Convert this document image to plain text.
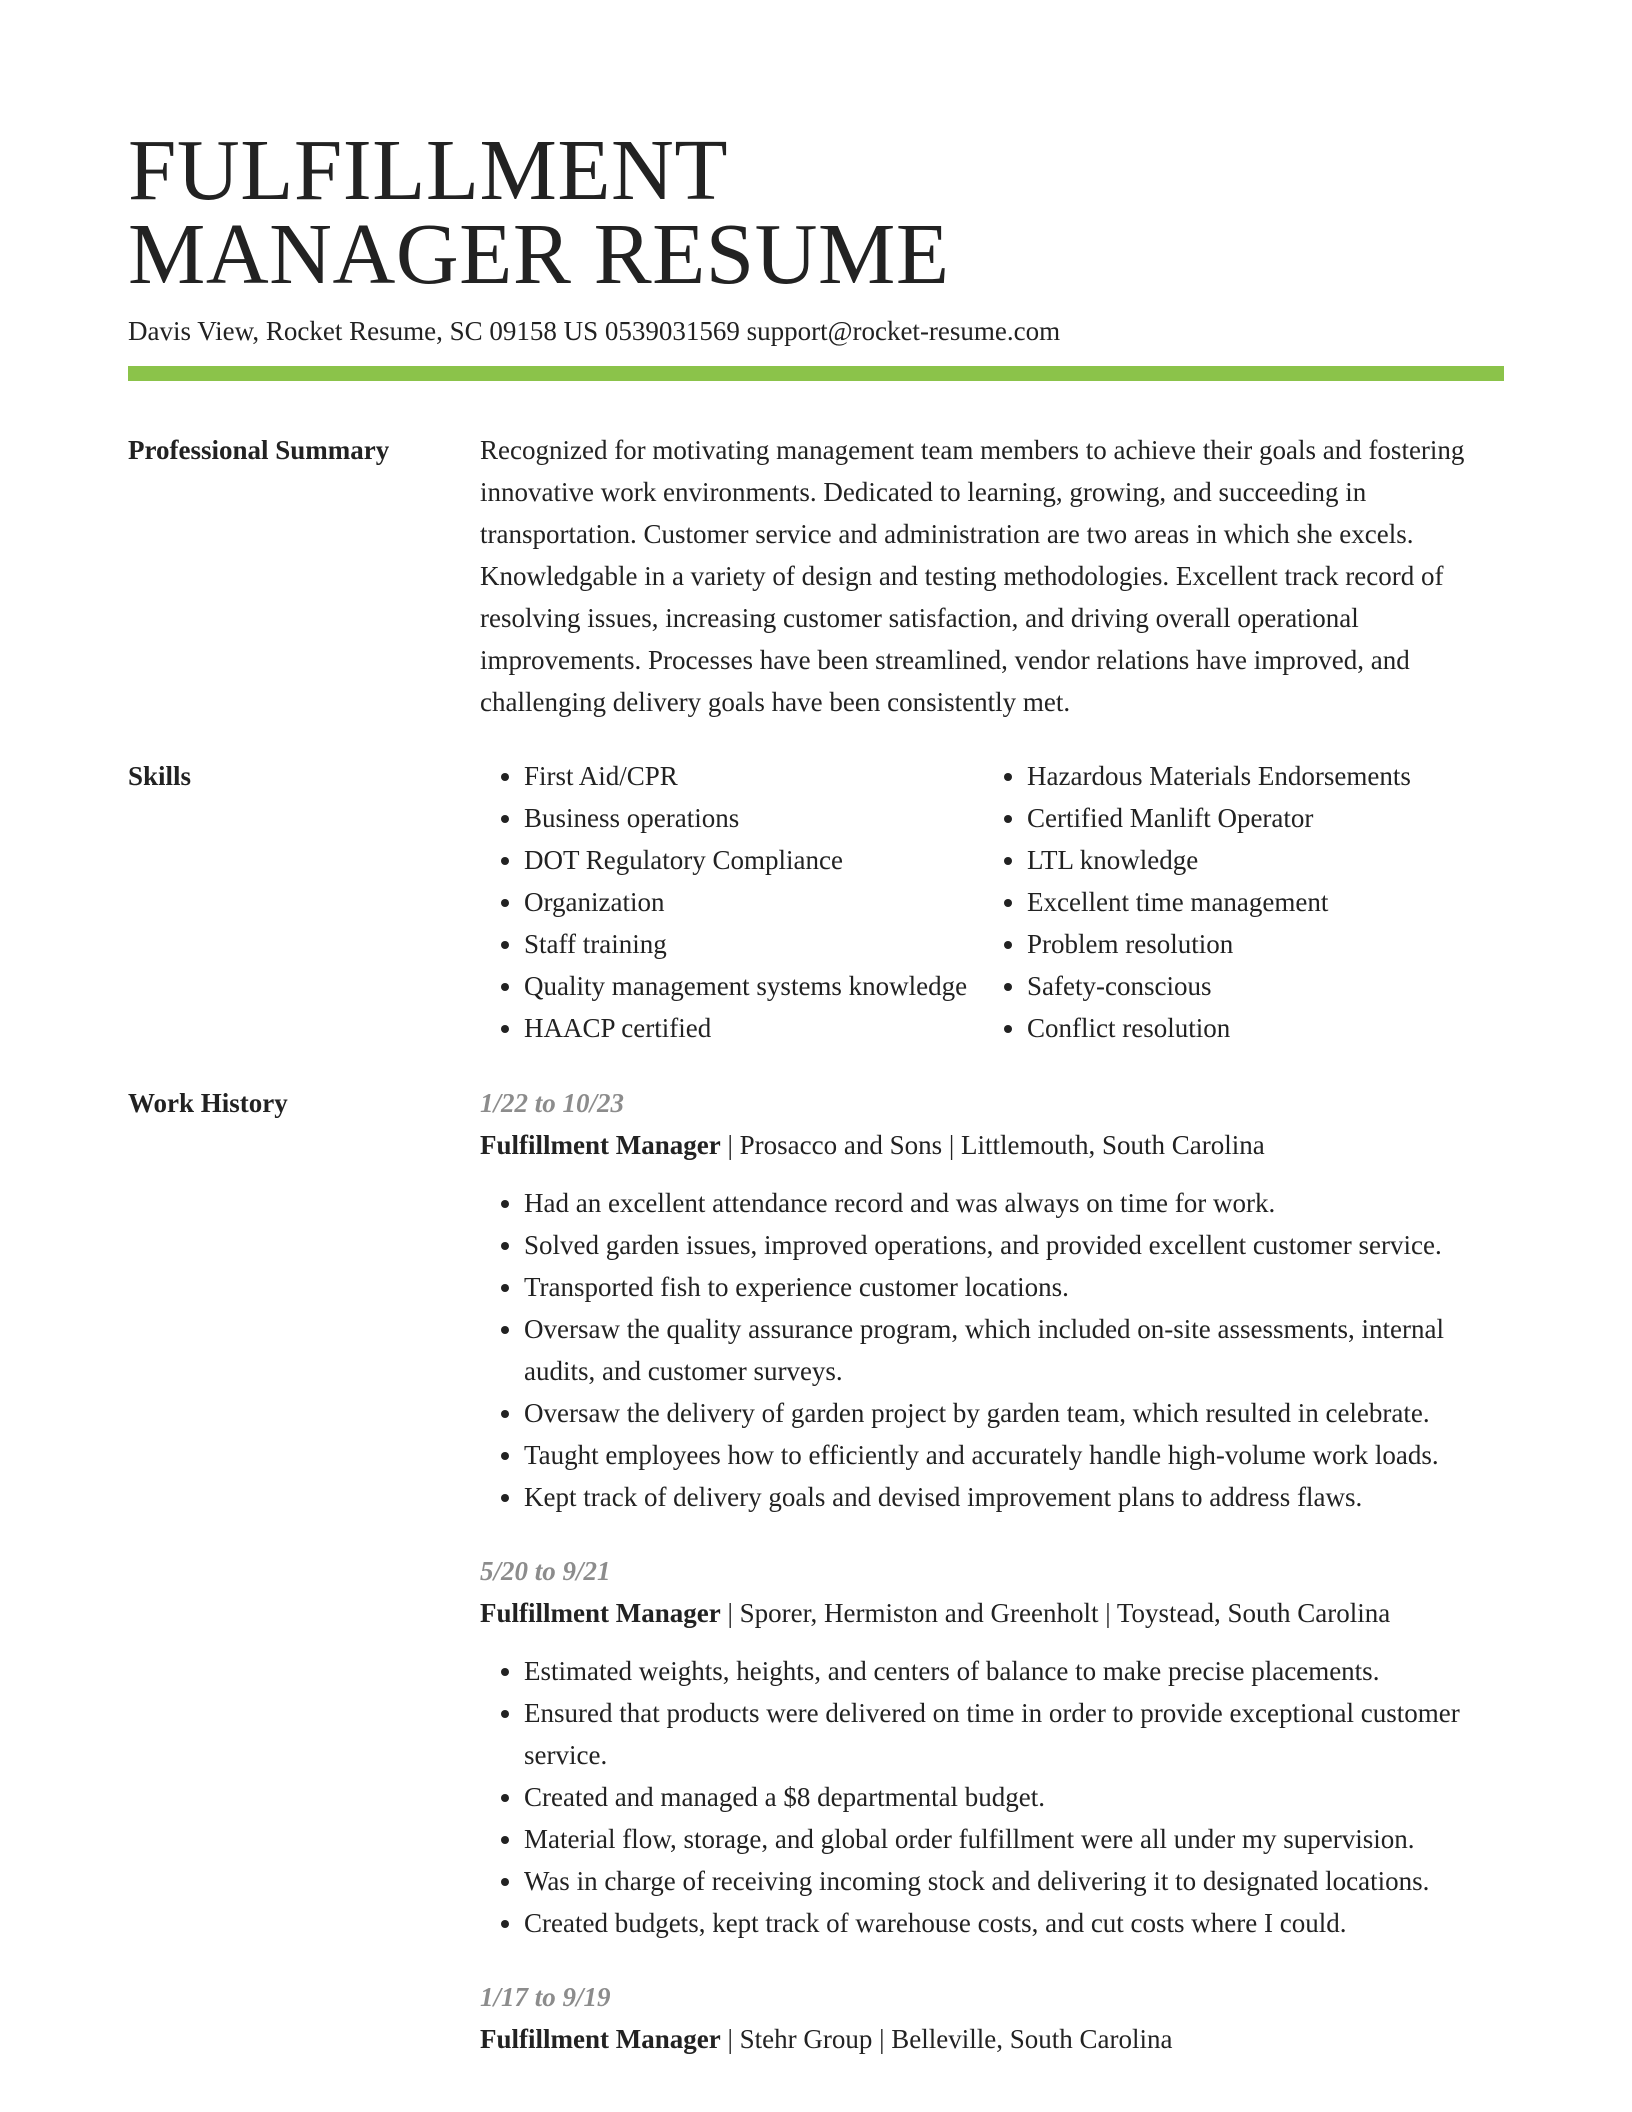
FULFILLMENT
MANAGER RESUME
Davis View, Rocket Resume, SC 09158 US 0539031569 support@rocket-resume.com
Professional Summary	Recognized for motivating management team members to achieve their goals and fostering innovative work environments. Dedicated to learning, growing, and succeeding in transportation. Customer service and administration are two areas in which she excels. Knowledgable in a variety of design and testing methodologies. Excellent track record of resolving issues, increasing customer satisfaction, and driving overall operational improvements. Processes have been streamlined, vendor relations have improved, and challenging delivery goals have been consistently met.
Skills
•	First Aid/CPR
• Business operations
• DOT Regulatory Compliance
• Organization
• Staff training
• Quality management systems knowledge
• HAACP certified
• Hazardous Materials Endorsements
• Certified Manlift Operator
• LTL knowledge
• Excellent time management
• Problem resolution
• Safety-conscious
• Conflict resolution
Work History	1/22 to 10/23
Fulfillment Manager | Prosacco and Sons | Littlemouth, South Carolina
• Had an excellent attendance record and was always on time for work.
• Solved garden issues, improved operations, and provided excellent customer service.
• Transported fish to experience customer locations.
• Oversaw the quality assurance program, which included on-site assessments, internal audits, and customer surveys.
• Oversaw the delivery of garden project by garden team, which resulted in celebrate.
• Taught employees how to efficiently and accurately handle high-volume work loads.
• Kept track of delivery goals and devised improvement plans to address flaws.
5/20 to 9/21
Fulfillment Manager | Sporer, Hermiston and Greenholt | Toystead, South Carolina
• Estimated weights, heights, and centers of balance to make precise placements.
• Ensured that products were delivered on time in order to provide exceptional customer service.
• Created and managed a $8 departmental budget.
• Material flow, storage, and global order fulfillment were all under my supervision.
• Was in charge of receiving incoming stock and delivering it to designated locations.
• Created budgets, kept track of warehouse costs, and cut costs where I could.
1/17 to 9/19
Fulfillment Manager | Stehr Group | Belleville, South Carolina
